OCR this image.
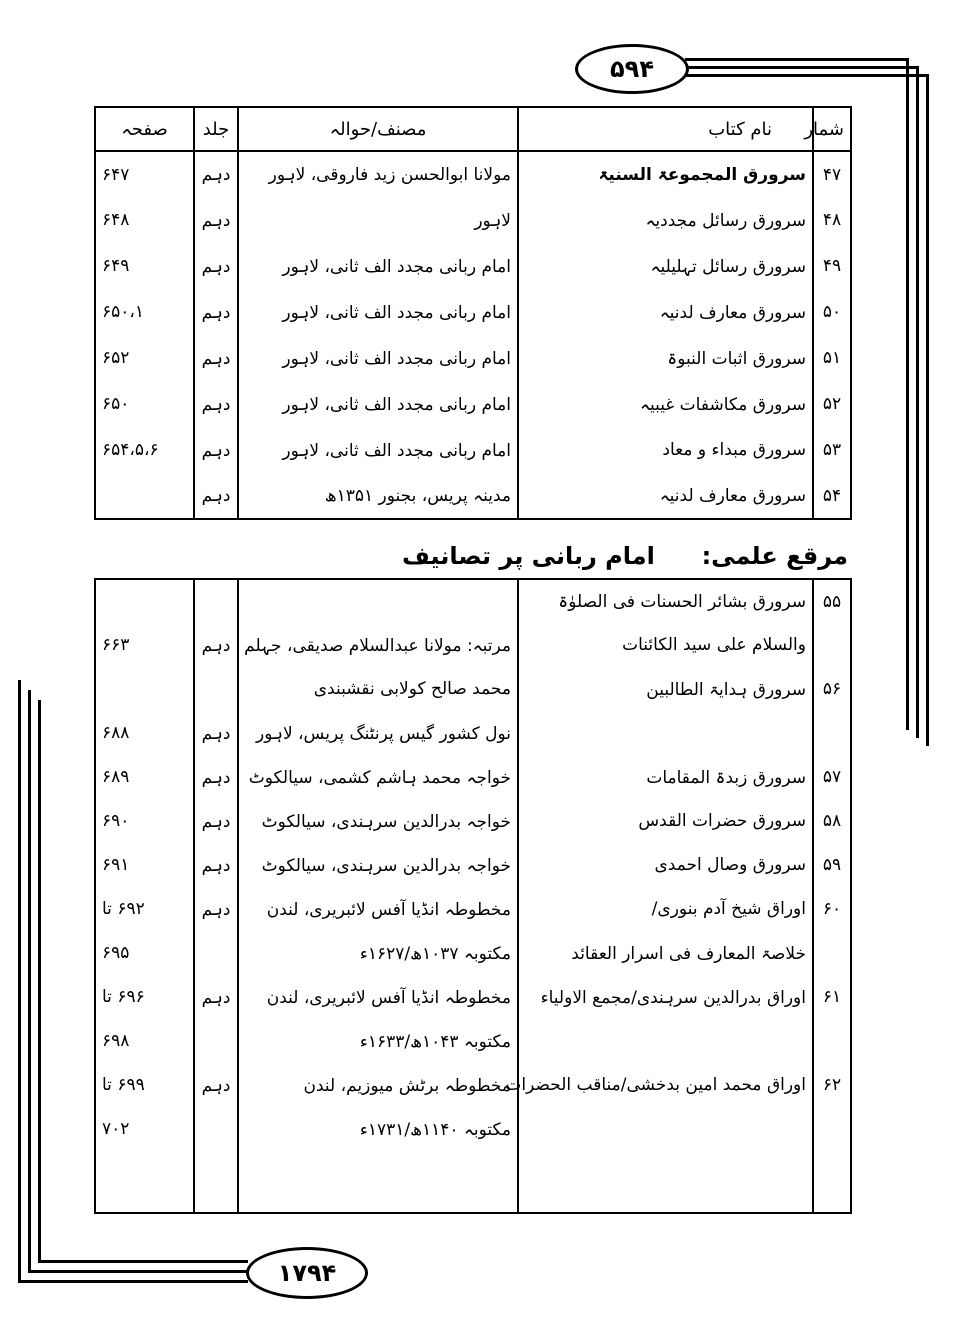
۵۹۴
۱۷۹۴
شمار	نام کتاب	مصنف/حوالہ	جلد	صفحہ
۴۷	سرورق المجموعۃ السنیۃ	مولانا ابوالحسن زید فاروقی، لاہور	دہم	۶۴۷
۴۸	سرورق رسائل مجددیہ	لاہور	دہم	۶۴۸
۴۹	سرورق رسائل تہلیلیہ	امام ربانی مجدد الف ثانی، لاہور	دہم	۶۴۹
۵۰	سرورق معارف لدنیہ	امام ربانی مجدد الف ثانی، لاہور	دہم	۶۵۰،۱
۵۱	سرورق اثبات النبوۃ	امام ربانی مجدد الف ثانی، لاہور	دہم	۶۵۲
۵۲	سرورق مکاشفات غیبیہ	امام ربانی مجدد الف ثانی، لاہور	دہم	۶۵۰
۵۳	سرورق مبداء و معاد	امام ربانی مجدد الف ثانی، لاہور	دہم	۶۵۴،۵،۶
۵۴	سرورق معارف لدنیہ	مدینہ پریس، بجنور ۱۳۵۱ھ	دہم	
مرقع علمی:  امام ربانی پر تصانیف
۵۵	سرورق بشائر الحسنات فی الصلوٰۃ			
	والسلام علی سید الکائنات	مرتبہ: مولانا عبدالسلام صدیقی، جہلم	دہم	۶۶۳
۵۶	سرورق ہدایۃ الطالبین	محمد صالح کولابی نقشبندی		
		نول کشور گیس پرنٹنگ پریس، لاہور	دہم	۶۸۸
۵۷	سرورق زبدۃ المقامات	خواجہ محمد ہاشم کشمی، سیالکوٹ	دہم	۶۸۹
۵۸	سرورق حضرات القدس	خواجہ بدرالدین سرہندی، سیالکوٹ	دہم	۶۹۰
۵۹	سرورق وصال احمدی	خواجہ بدرالدین سرہندی، سیالکوٹ	دہم	۶۹۱
۶۰	اوراق شیخ آدم بنوری/	مخطوطہ انڈیا آفس لائبریری، لندن	دہم	۶۹۲ تا
	خلاصۃ المعارف فی اسرار العقائد	مکتوبہ ۱۰۳۷ھ/۱۶۲۷ء		۶۹۵
۶۱	اوراق بدرالدین سرہندی/مجمع الاولیاء	مخطوطہ انڈیا آفس لائبریری، لندن	دہم	۶۹۶ تا
		مکتوبہ ۱۰۴۳ھ/۱۶۳۳ء		۶۹۸
۶۲	اوراق محمد امین بدخشی/مناقب الحضرات	مخطوطہ برٹش میوزیم، لندن	دہم	۶۹۹ تا
		مکتوبہ ۱۱۴۰ھ/۱۷۳۱ء		۷۰۲
